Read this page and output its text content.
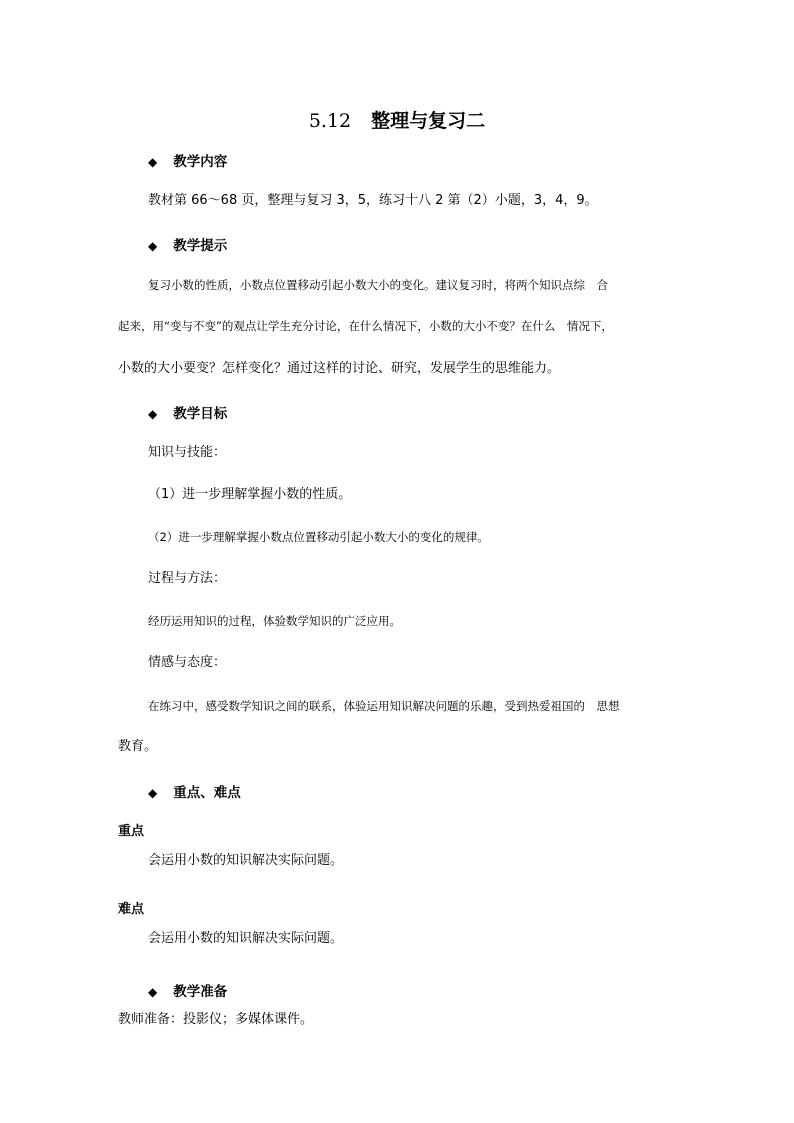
5.12 整理与复习二
◆ 教学内容
教材第 66～68 页，整理与复习 3，5，练习十八 2 第（2）小题，3，4，9。
◆ 教学提示
复习小数的性质，小数点位置移动引起小数大小的变化。建议复习时，将两个知识点综　合
起来，用“变与不变”的观点让学生充分讨论，在什么情况下，小数的大小不变？在什么　情况下，
小数的大小要变？怎样变化？通过这样的讨论、研究，发展学生的思维能力。
◆ 教学目标
知识与技能：
（1）进一步理解掌握小数的性质。
（2）进一步理解掌握小数点位置移动引起小数大小的变化的规律。
过程与方法：
经历运用知识的过程，体验数学知识的广泛应用。
情感与态度：
在练习中，感受数学知识之间的联系，体验运用知识解决问题的乐趣，受到热爱祖国的　思想
教育。
◆ 重点、难点
重点
会运用小数的知识解决实际问题。
难点
会运用小数的知识解决实际问题。
◆ 教学准备
教师准备：投影仪；多媒体课件。
